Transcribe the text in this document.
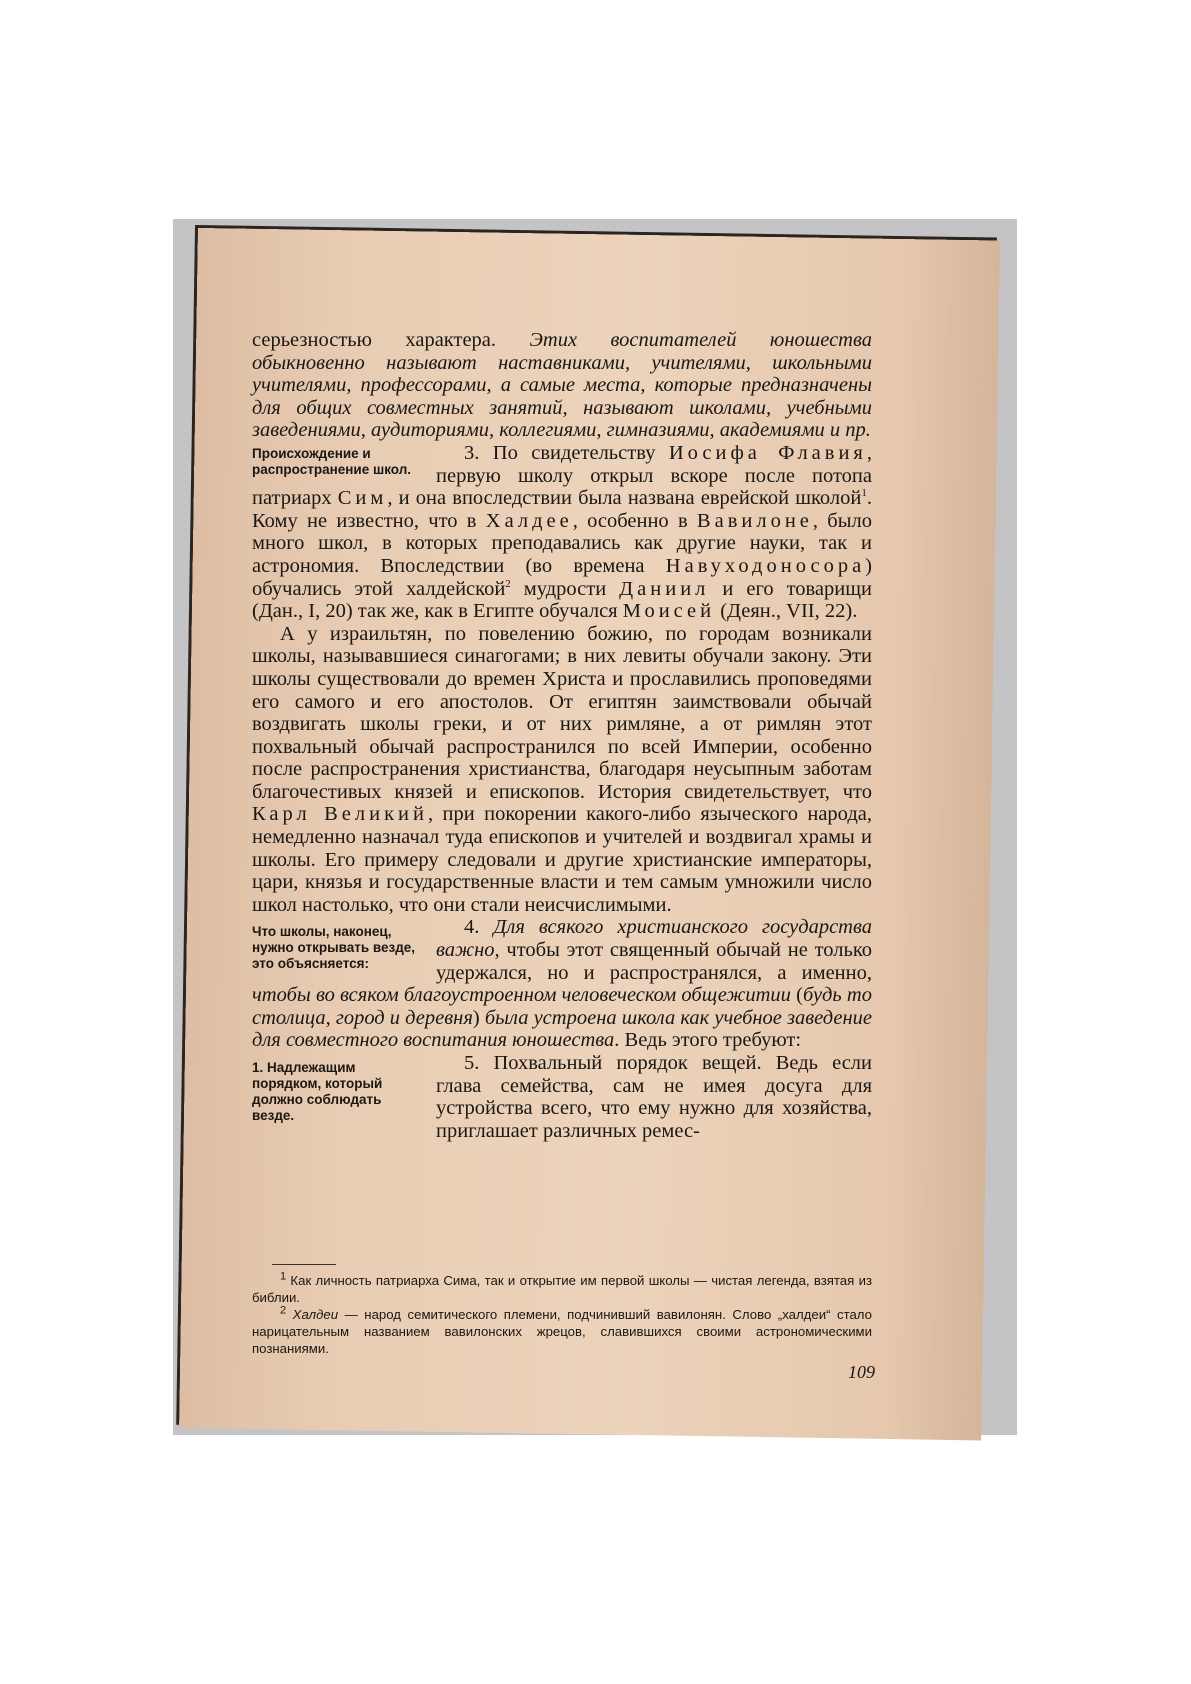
серьезностью характера. Этих воспитателей юношества обыкновенно называют наставниками, учителями, школьными учителями, профессорами, а самые места, которые предназначены для общих совместных занятий, называют школами, учебными заведениями, аудиториями, коллегиями, гимназиями, академиями и пр.

Происхождение и распространение школ.

3. По свидетельству Иосифа Флавия, первую школу открыл вскоре после потопа патриарх Сим, и она впоследствии была названа еврейской школой$^1$. Кому не известно, что в Халдее, особенно в Вавилоне, было много школ, в которых преподавались как другие науки, так и астрономия. Впоследствии (во времена Навуходоносора) обучались этой халдейской$^2$ мудрости Даниил и его товарищи (Дан., I, 20) так же, как в Египте обучался Моисей (Деян., VII, 22).

А у израильтян, по повелению божию, по городам возникали школы, называвшиеся синагогами; в них левиты обучали закону. Эти школы существовали до времен Христа и прославились проповедями его самого и его апостолов. От египтян заимствовали обычай воздвигать школы греки, и от них римляне, а от римлян этот похвальный обычай распространился по всей Империи, особенно после распространения христианства, благодаря неусыпным заботам благочестивых князей и епископов. История свидетельствует, что Карл Великий, при покорении какого-либо языческого народа, немедленно назначал туда епископов и учителей и воздвигал храмы и школы. Его примеру следовали и другие христианские императоры, цари, князья и государственные власти и тем самым умножили число школ настолько, что они стали неисчислимыми.

Что школы, наконец, нужно открывать везде, это объясняется:

4. Для всякого христианского государства важно, чтобы этот священный обычай не только удержался, но и распространялся, а именно, чтобы во всяком благоустроенном человеческом общежитии (будь то столица, город и деревня) была устроена школа как учебное заведение для совместного воспитания юношества. Ведь этого требуют:

1. Надлежащим порядком, который должно соблюдать везде.

5. Похвальный порядок вещей. Ведь если глава семейства, сам не имея досуга для устройства всего, что ему нужно для хозяйства, приглашает различных ремес-

$^1$ Как личность патриарха Сима, так и открытие им первой школы — чистая легенда, взятая из библии.

$^2$ Халдеи — народ семитического племени, подчинивший вавилонян. Слово „халдеи“ стало нарицательным названием вавилонских жрецов, славившихся своими астрономическими познаниями.

109
